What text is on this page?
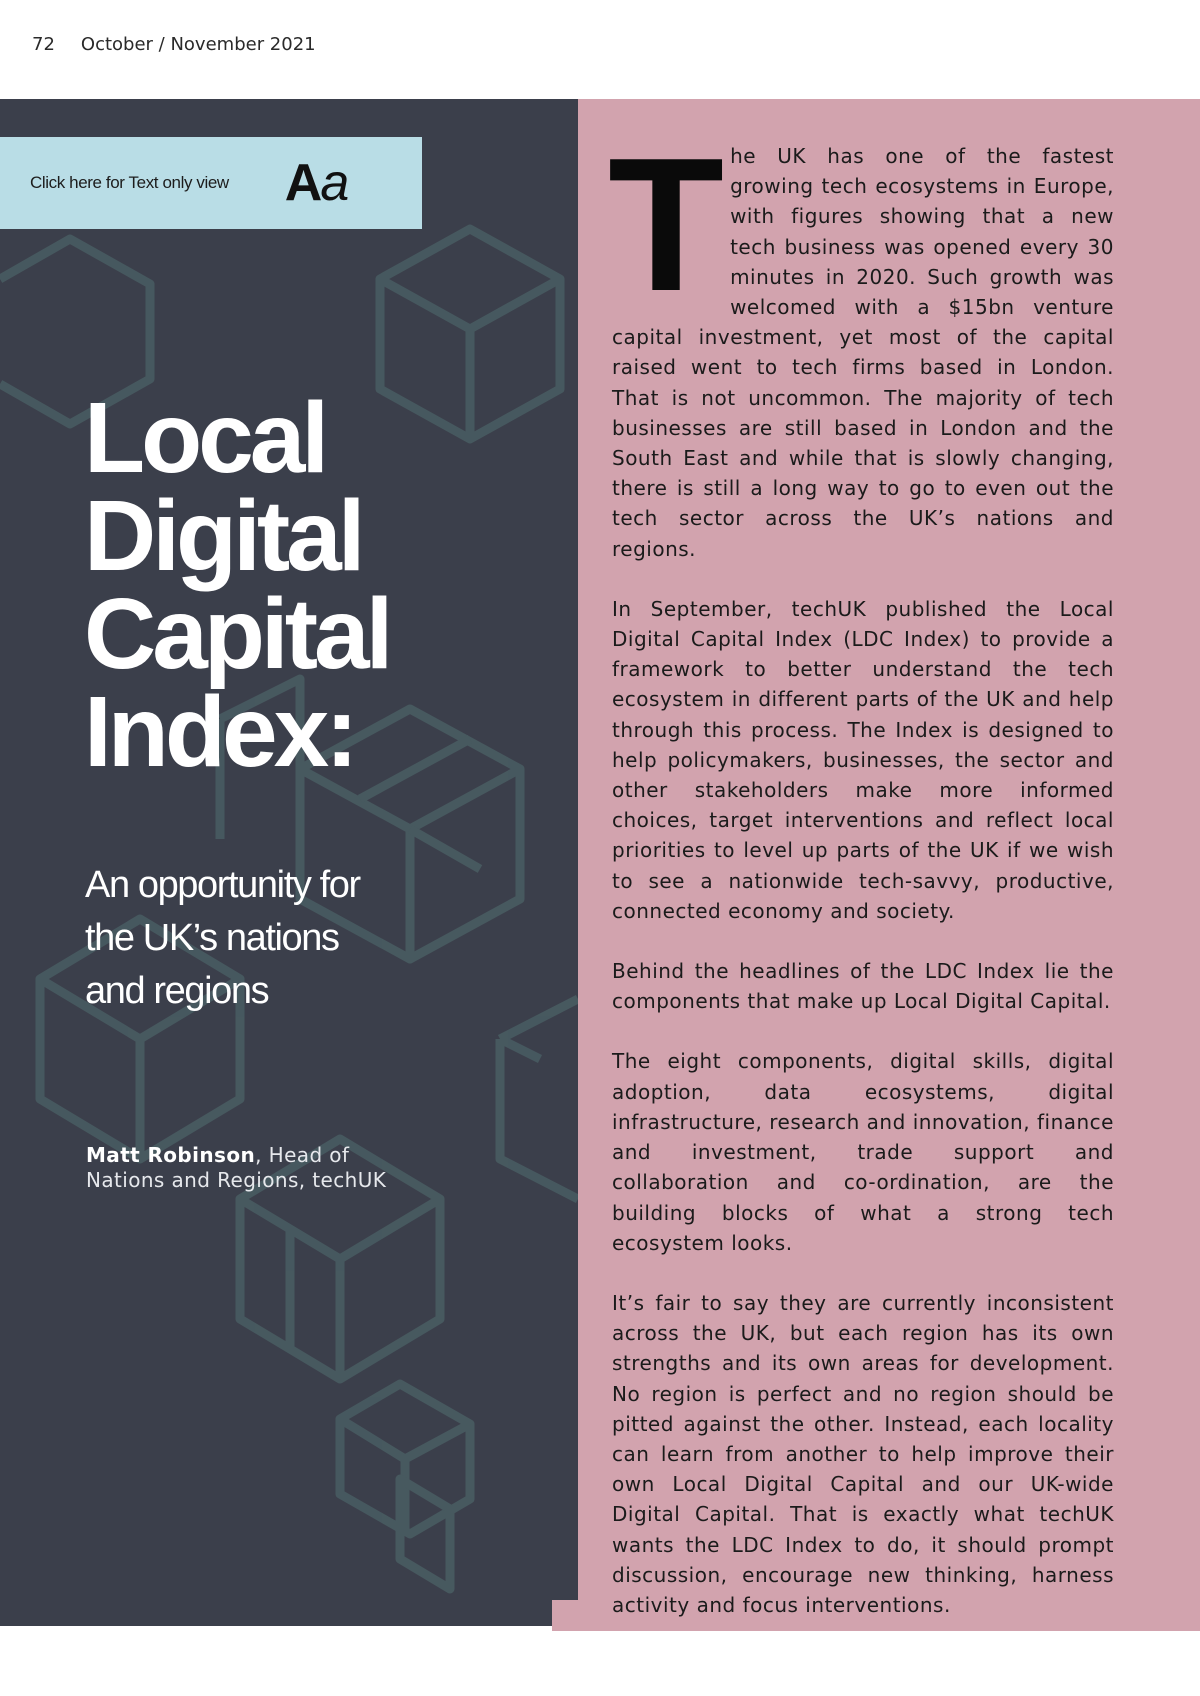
72 October / November 2021
Click here for Text only view Aa
Local
Digital
Capital
Index:
An opportunity for
the UK’s nations
and regions
Matt Robinson, Head of
Nations and Regions, techUK

The UK has one of the fastest growing tech ecosystems in Europe, with figures showing that a new tech business was opened every 30 minutes in 2020. Such growth was welcomed with a $15bn venture capital investment, yet most of the capital raised went to tech firms based in London. That is not uncommon. The majority of tech businesses are still based in London and the South East and while that is slowly changing, there is still a long way to go to even out the tech sector across the UK’s nations and regions.

In September, techUK published the Local Digital Capital Index (LDC Index) to provide a framework to better understand the tech ecosystem in different parts of the UK and help through this process. The Index is designed to help policymakers, businesses, the sector and other stakeholders make more informed choices, target interventions and reflect local priorities to level up parts of the UK if we wish to see a nationwide tech-savvy, productive, connected economy and society.

Behind the headlines of the LDC Index lie the components that make up Local Digital Capital.

The eight components, digital skills, digital adoption, data ecosystems, digital infrastructure, research and innovation, finance and investment, trade support and collaboration and co-ordination, are the building blocks of what a strong tech ecosystem looks.

It’s fair to say they are currently inconsistent across the UK, but each region has its own strengths and its own areas for development. No region is perfect and no region should be pitted against the other. Instead, each locality can learn from another to help improve their own Local Digital Capital and our UK-wide Digital Capital. That is exactly what techUK wants the LDC Index to do, it should prompt discussion, encourage new thinking, harness activity and focus interventions.
